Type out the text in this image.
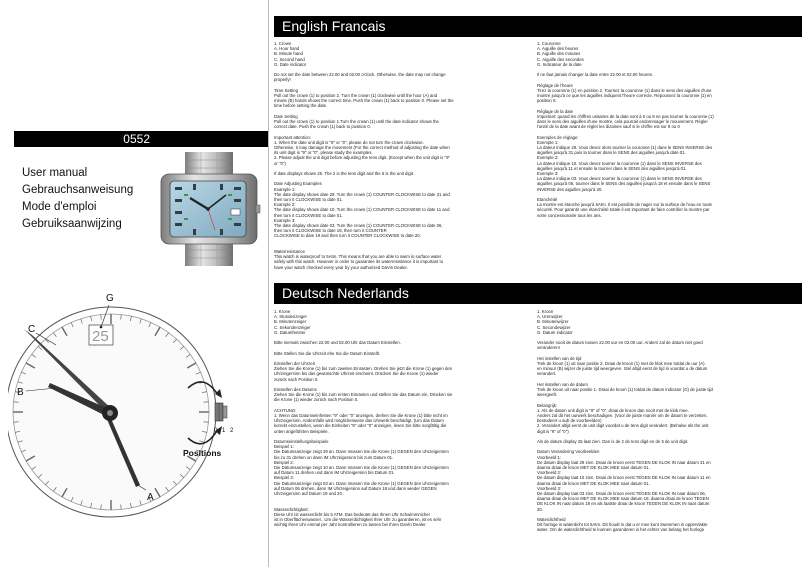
0552
User manual
Gebrauchsanweisung
Mode d'emploi
Gebruiksaanwijzing
25
G
C
B
A
1 2
Positions
English Francais
Deutsch Nederlands
1. Crown
A. Hour hand
B. Minute hand
C. Second hand
G. Date indicator
Do not set the date between 22.00 and 02.00 o'clock. Otherwise, the date may not change
properly!
Time Setting
Pull out the crown (1) to position 2. Turn the crown (1) clockwise until the hour (A) and
minute (B) hands shows the correct time. Push the crown (1) back to position 0. Please set the
time before setting the date.
Date Setting
Pull out the crown (1) to position 1.Turn the crown (1) until the date indicator shows the
correct date. Push the crown (1) back to position 0.
Important attention:
1. When the date unit digit is "9" or "0", please do not turn the crown clockwise.
Otherwise, it may damage the movement (For the correct method of adjusting the date when
its unit digit is "9" or "0", please study the examples.
2. Please adjust the unit digit before adjusting the tens digit. (Except when the unit digit is "9"
or "0")
If date displays shows 25. The 2 is the tens digit and the 5 is the unit digit.
Date Adjusting Examples
Example 1:
The date display shows date 29. Turn the crown (1) COUNTER CLOCKWISE to date 31 and
then turn it CLOCKWISE to date 01.
Example 2:
The date display shows date 10. Turn the crown (1) COUNTER CLOCKWISE to date 11 and
then turn it CLOCKWISE to date 01.
Example 3:
The date display shows date 03. Turn the crown (1) COUNTER CLOCKWISE to date 06,
then turn it CLOCKWISE to date 18, then turn it COUNTER
CLOCKWISE to date 19 and then turn it COUNTER CLOCKWISE to date 20.
Waterresistance
This watch is waterproof to 5Atm. This means that you are able to swim in surface water
safely with this watch. However in order to guarantee its waterresistance it is important to
have your watch checked every year by your authorized DaVin Dealer.
1. Couronne
A. Aiguille des heures
B. Aiguille des minutes
C. Aiguille des secondes
G. Indicateur de la date
Il ne faut jamais changer la date entre 22.00 et 02.00 heures.
Réglage de l'heure
Tirez la couronne (1) en position 2. Tournez la couronne (1) dans le sens des aiguilles d'une
montre jusqu'à ce que les aiguilles indiquent l'heure correcte. Repoussez la couronne (1) en
position 0.
Réglage de la date
Important: quand les chiffres unitaires de la date sont à 0 ou 9 ne pas tourner la couronne (1)
dans le sens des aiguilles d'une montre, cela pourrait endommager le mouvement. Régler
l'unité de la date avant de régler les dizaines sauf si le chiffre est sur 9 ou 0
Exemples de réglage:
Exemple 1:
La dateur indique 29. Vous devez alors tourner la couronne (1) dans le SENS INVERSE des
aiguilles jusqu'à 31 puis la tourner dans le SENS des aiguilles jusqu'à date 01.
Exemple 2:
La dateur indique 10. Vous devez tourner la couronne (1) dans le SENS INVERSE des
aiguilles jusqu'à 11 et ensuite la tourner dans le SENS des aiguilles jusqu'à 01.
Exemple 3:
La dateur indique 03. Vous devez tourner la couronne (1) dans le SENS INVERSE des
aiguilles jusqu'à 06, tourner dans le SENS des aiguilles jusqu'à 18 et ensuite dans le SENS
INVERSE des aiguilles jusqu'à 20.
Etanchéité
La montre est étanche jusqu'à 5Atm. Il est possible de nager sur la surface de l'eau en toute
sécurité. Pour garantir une étanchéité totale il est important de faire contrôler la montre par
votre concessionaire tous les ans.
1. Krone
A. Stundenzeiger
B. Minutenzeiger
C. Sekondenzeiger
G. Datumfenster
Bitte niemals zwischen 22.00 und 02.00 Uhr das Datum Einstellen.
Bitte Stellen Sie die Uhrzeit ehe Sie die Datum Einstellt.
Einstellen der Uhrzeit
Ziehen Sie die Krone (1) bis zum zweiten Einrasten. Drehen Sie jetzt die Krone (1) gegen den
Uhrzeigersinn bis das gewünschte Uhrzeit erscheint. Drücken Sie die Krone (1) wieder
zurück nach Position 0.
Einstellen des Datums
Ziehen Sie die Krone (1) bis zum ersten Einrasten und stellen Sie das Datum ein. Drücken sie
die Krone (1) wieder zurück nach Position 0.
ACHTUNG:
1. Wenn das Datumseinheiten "9" oder "0" anzeigen, drehen Sie die Krone (1) bitte nicht im
Uhrzeigersinn. Andernfalls wird möglicherweise das Uhrwerk beschädigt. (Um das Datum
korrekt einzustellen, wenn die Einheiten "9" oder "0" anzeigen, lesen Sie bitte sorgfältig die
unten angeführten Beispiele.
Datumseinstellungsbeispiele
Beispiel 1:
Die Datumsanzeige zeigt 29 an. Dann müssen Sie die Krone (1) GEGEN den Uhrzeigersinn
bis zu 31 drehen un dann IM Uhrzeigersinn bis zum Datum 01.
Beispiel 2:
Die Datumsanzeige zeigt 10 an. Dann müssen Sie die Krone (1) GEGEN den Uhrzeigersinn
auf Datum 11 drehen und dann IM Uhrzeigersinn bis Datum 01.
Beispiel 3:
Die Datumsanzeige zeigt 03 an. Dann müssen Sie die Krone (1) GEGEN den Uhrzeigersinn
auf Datum 06 drehen, dann IM Uhrzeigersinn auf Datum 18 und dann wieder GEGEN
Uhrzeigersinn auf Datum 19 und 20.
Wasserdichtigkeit:
Diese Uhr ist wasserdicht bis 5 ATM. Das bedeutet das Ihnen Uhr Schwimmnicher
ist in Oberflächenwasser.. Um die Wasserdichtigkeit Ihrer Uhr zu garantieren, ist es sehr
wichtig Ihren Uhr einmal per Jahr kontrollieren zu lassen bei Ihren DaVin Dealer.
1. Kroon
A. Urenwijzer
B. Minutenwijzer
C. Secondewijzer
G. Datum indicator
Verander nooit de datum tussen 22.00 uur en 02.00 uur. Anders zal de datum niet goed
veranderen!
Het instellen van de tijd
Trek de kroon (1) uit naar positie 2. Draai de kroon (1) met de klok mee totdat de uur (A)
en minuur (B) wijzer de juiste tijd weergeven. Stel altijd eerst de tijd in voordat u de datum
verandert.
Het instellen van de datum
Trek de kroon uit naar positie 1. Draai de kroon (1) totdat de datum indicator (G) de juiste tijd
weergeeft.
Belangrijk:
1. Als de datum unit digit is "9" of "0", draai de kroon dan nooit met de klok mee.
Anders zal dit het uurwerk beschadigen. (Voor de juiste manier om de datum te verzetten,
bestudeert u aub de voorbeelden)
2. Verandert altijd eerst de unit digit voordat u de tens digit verandert. (Behalve als the unit
digit is "9" of "0")
Als de datum display 25 laat zien. Dan is de 2 de tens digit en de 5 de unit digit.
Datum Verandering Voorbeelden
Voorbeeld 1:
De datum display laat 29 zien. Draai de kroon eerst TEGEN DE KLOK IN naar datum 31 en
daarna draai de kroon MET DE KLOK MEE naar datum 01.
Voorbeeld 2:
De datum display laat 10 zien. Draai de kroon eerst TEGEN DE KLOK IN naar datum 11 en
daarna draai de kroon MET DE KLOK MEE naar datum 01.
Voorbeeld 3:
De datum display laat 03 zien. Draai de kroon eerst TEGEN DE KLOK IN naar datum 06,
daarna draai de kroon MET DE KLOK MEE naar datum 18, daarna draai de kroon TEGEN
DE KLOK IN naar datum 19 en als laatste draai de kroon TEGEN DE KLOK IN naar datum
20.
Waterdichtheid
Dit horloge is waterdicht tot 5Atm. Dit houdt in dat u er mee kunt zwemmen in oppervlakte
water. Om de waterdichtheid te kunnen garanderen is het echter van belang het horloge
